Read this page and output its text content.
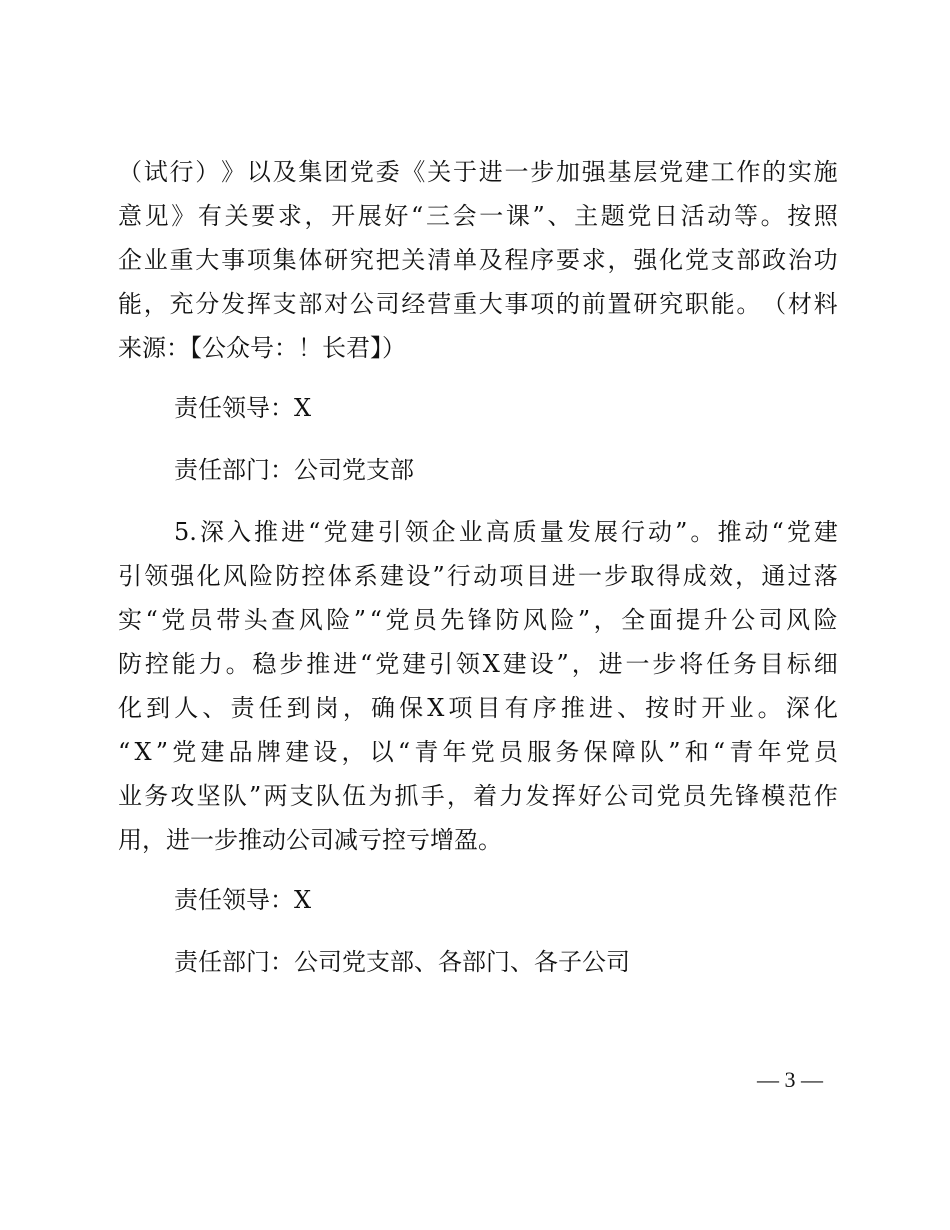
（ 试 行 ） 》 以 及 集 团 党 委 《 关 于 进 一 步 加 强 基 层 党 建 工 作 的 实 施
意 见 》 有 关 要 求 ， 开 展 好 “ 三 会 一 课 ” 、 主 题 党 日 活 动 等 。 按 照
企 业 重 大 事 项 集 体 研 究 把 关 清 单 及 程 序 要 求 ， 强 化 党 支 部 政 治 功
能 ， 充 分 发 挥 支 部 对 公 司 经 营 重 大 事 项 的 前 置 研 究 职 能 。 （ 材 料
来源：【公众号：！长君】）
责任领导：X
责任部门：公司党支部
5. 深 入 推 进 “ 党 建 引 领 企 业 高 质 量 发 展 行 动 ” 。 推 动 “ 党 建
引 领 强 化 风 险 防 控 体 系 建 设 ” 行 动 项 目 进 一 步 取 得 成 效 ， 通 过 落
实 “ 党 员 带 头 查 风 险 ” “ 党 员 先 锋 防 风 险 ” ， 全 面 提 升 公 司 风 险
防 控 能 力 。 稳 步 推 进 “ 党 建 引 领 X 建 设 ” ， 进 一 步 将 任 务 目 标 细
化 到 人 、 责 任 到 岗 ， 确 保 X 项 目 有 序 推 进 、 按 时 开 业 。 深 化
“ X ” 党 建 品 牌 建 设 ， 以 “ 青 年 党 员 服 务 保 障 队 ” 和 “ 青 年 党 员
业 务 攻 坚 队 ” 两 支 队 伍 为 抓 手 ， 着 力 发 挥 好 公 司 党 员 先 锋 模 范 作
用，进一步推动公司减亏控亏增盈。
责任领导：X
责任部门：公司党支部、各部门、各子公司
— 3 —
